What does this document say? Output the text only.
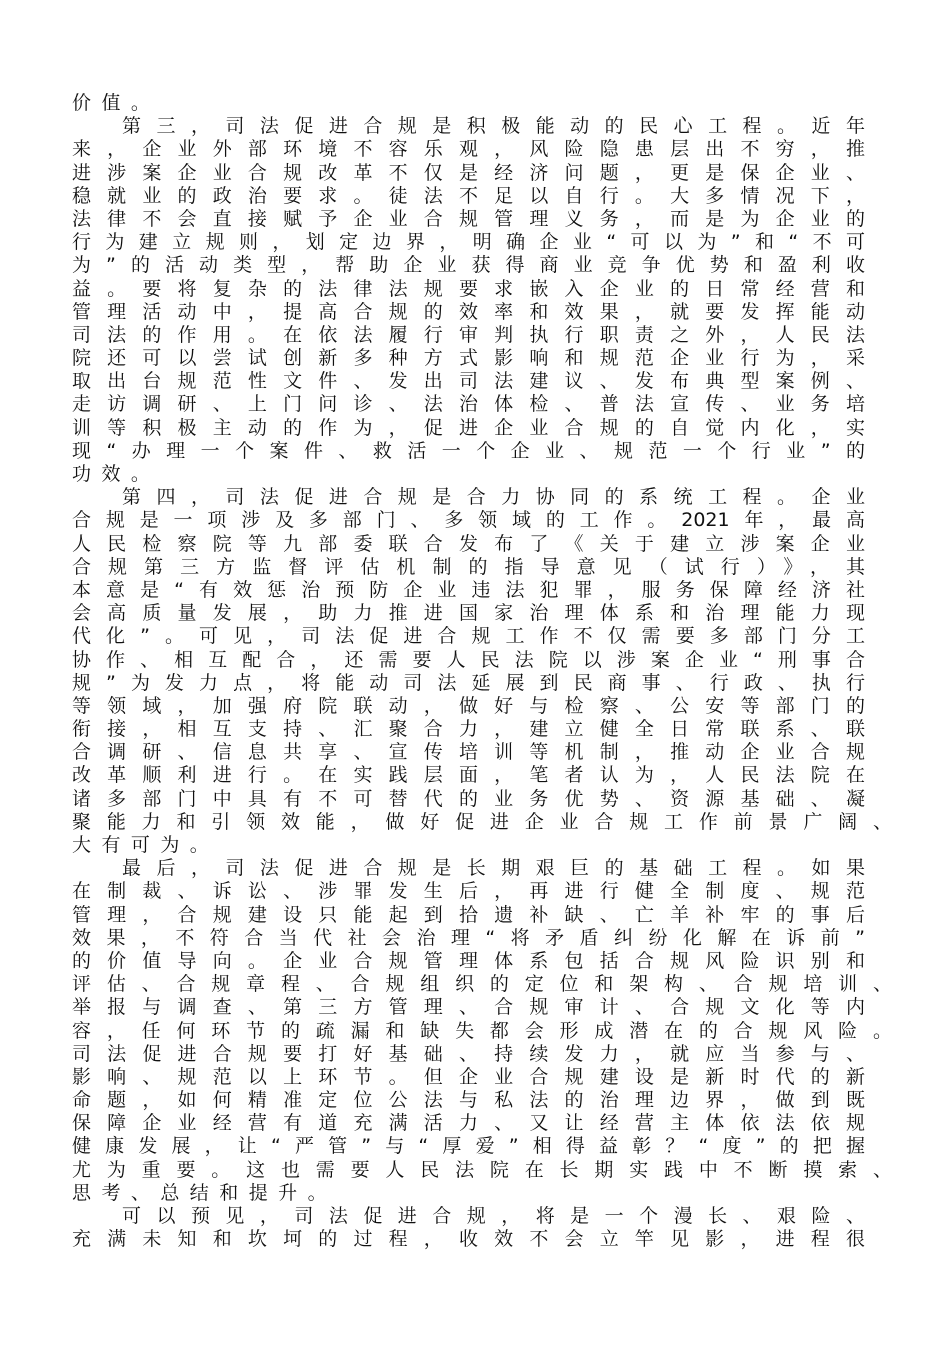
价值。
第三，司法促进合规是积极能动的民心工程。近年
来，企业外部环境不容乐观，风险隐患层出不穷，推
进涉案企业合规改革不仅是经济问题，更是保企业、
稳就业的政治要求。徒法不足以自行。大多情况下，
法律不会直接赋予企业合规管理义务，而是为企业的
行为建立规则，划定边界，明确企业“可以为”和“不可
为”的活动类型，帮助企业获得商业竞争优势和盈利收
益。要将复杂的法律法规要求嵌入企业的日常经营和
管理活动中，提高合规的效率和效果，就要发挥能动
司法的作用。在依法履行审判执行职责之外，人民法
院还可以尝试创新多种方式影响和规范企业行为，采
取出台规范性文件、发出司法建议、发布典型案例、
走访调研、上门问诊、法治体检、普法宣传、业务培
训等积极主动的作为，促进企业合规的自觉内化，实
现“办理一个案件、救活一个企业、规范一个行业”的
功效。
第四，司法促进合规是合力协同的系统工程。企业
合规是一项涉及多部门、多领域的工作。2021年，最高
人民检察院等九部委联合发布了《关于建立涉案企业
合规第三方监督评估机制的指导意见（试行）》，其
本意是“有效惩治预防企业违法犯罪，服务保障经济社
会高质量发展，助力推进国家治理体系和治理能力现
代化”。可见，司法促进合规工作不仅需要多部门分工
协作、相互配合，还需要人民法院以涉案企业“刑事合
规”为发力点，将能动司法延展到民商事、行政、执行
等领域，加强府院联动，做好与检察、公安等部门的
衔接，相互支持、汇聚合力，建立健全日常联系、联
合调研、信息共享、宣传培训等机制，推动企业合规
改革顺利进行。在实践层面，笔者认为，人民法院在
诸多部门中具有不可替代的业务优势、资源基础、凝
聚能力和引领效能，做好促进企业合规工作前景广阔、
大有可为。
最后，司法促进合规是长期艰巨的基础工程。如果
在制裁、诉讼、涉罪发生后，再进行健全制度、规范
管理，合规建设只能起到拾遗补缺、亡羊补牢的事后
效果，不符合当代社会治理“将矛盾纠纷化解在诉前”
的价值导向。企业合规管理体系包括合规风险识别和
评估、合规章程、合规组织的定位和架构、合规培训、
举报与调查、第三方管理、合规审计、合规文化等内
容，任何环节的疏漏和缺失都会形成潜在的合规风险。
司法促进合规要打好基础、持续发力，就应当参与、
影响、规范以上环节。但企业合规建设是新时代的新
命题，如何精准定位公法与私法的治理边界，做到既
保障企业经营有道充满活力、又让经营主体依法依规
健康发展，让“严管”与“厚爱”相得益彰？“度”的把握
尤为重要。这也需要人民法院在长期实践中不断摸索、
思考、总结和提升。
可以预见，司法促进合规，将是一个漫长、艰险、
充满未知和坎坷的过程，收效不会立竿见影，进程很
